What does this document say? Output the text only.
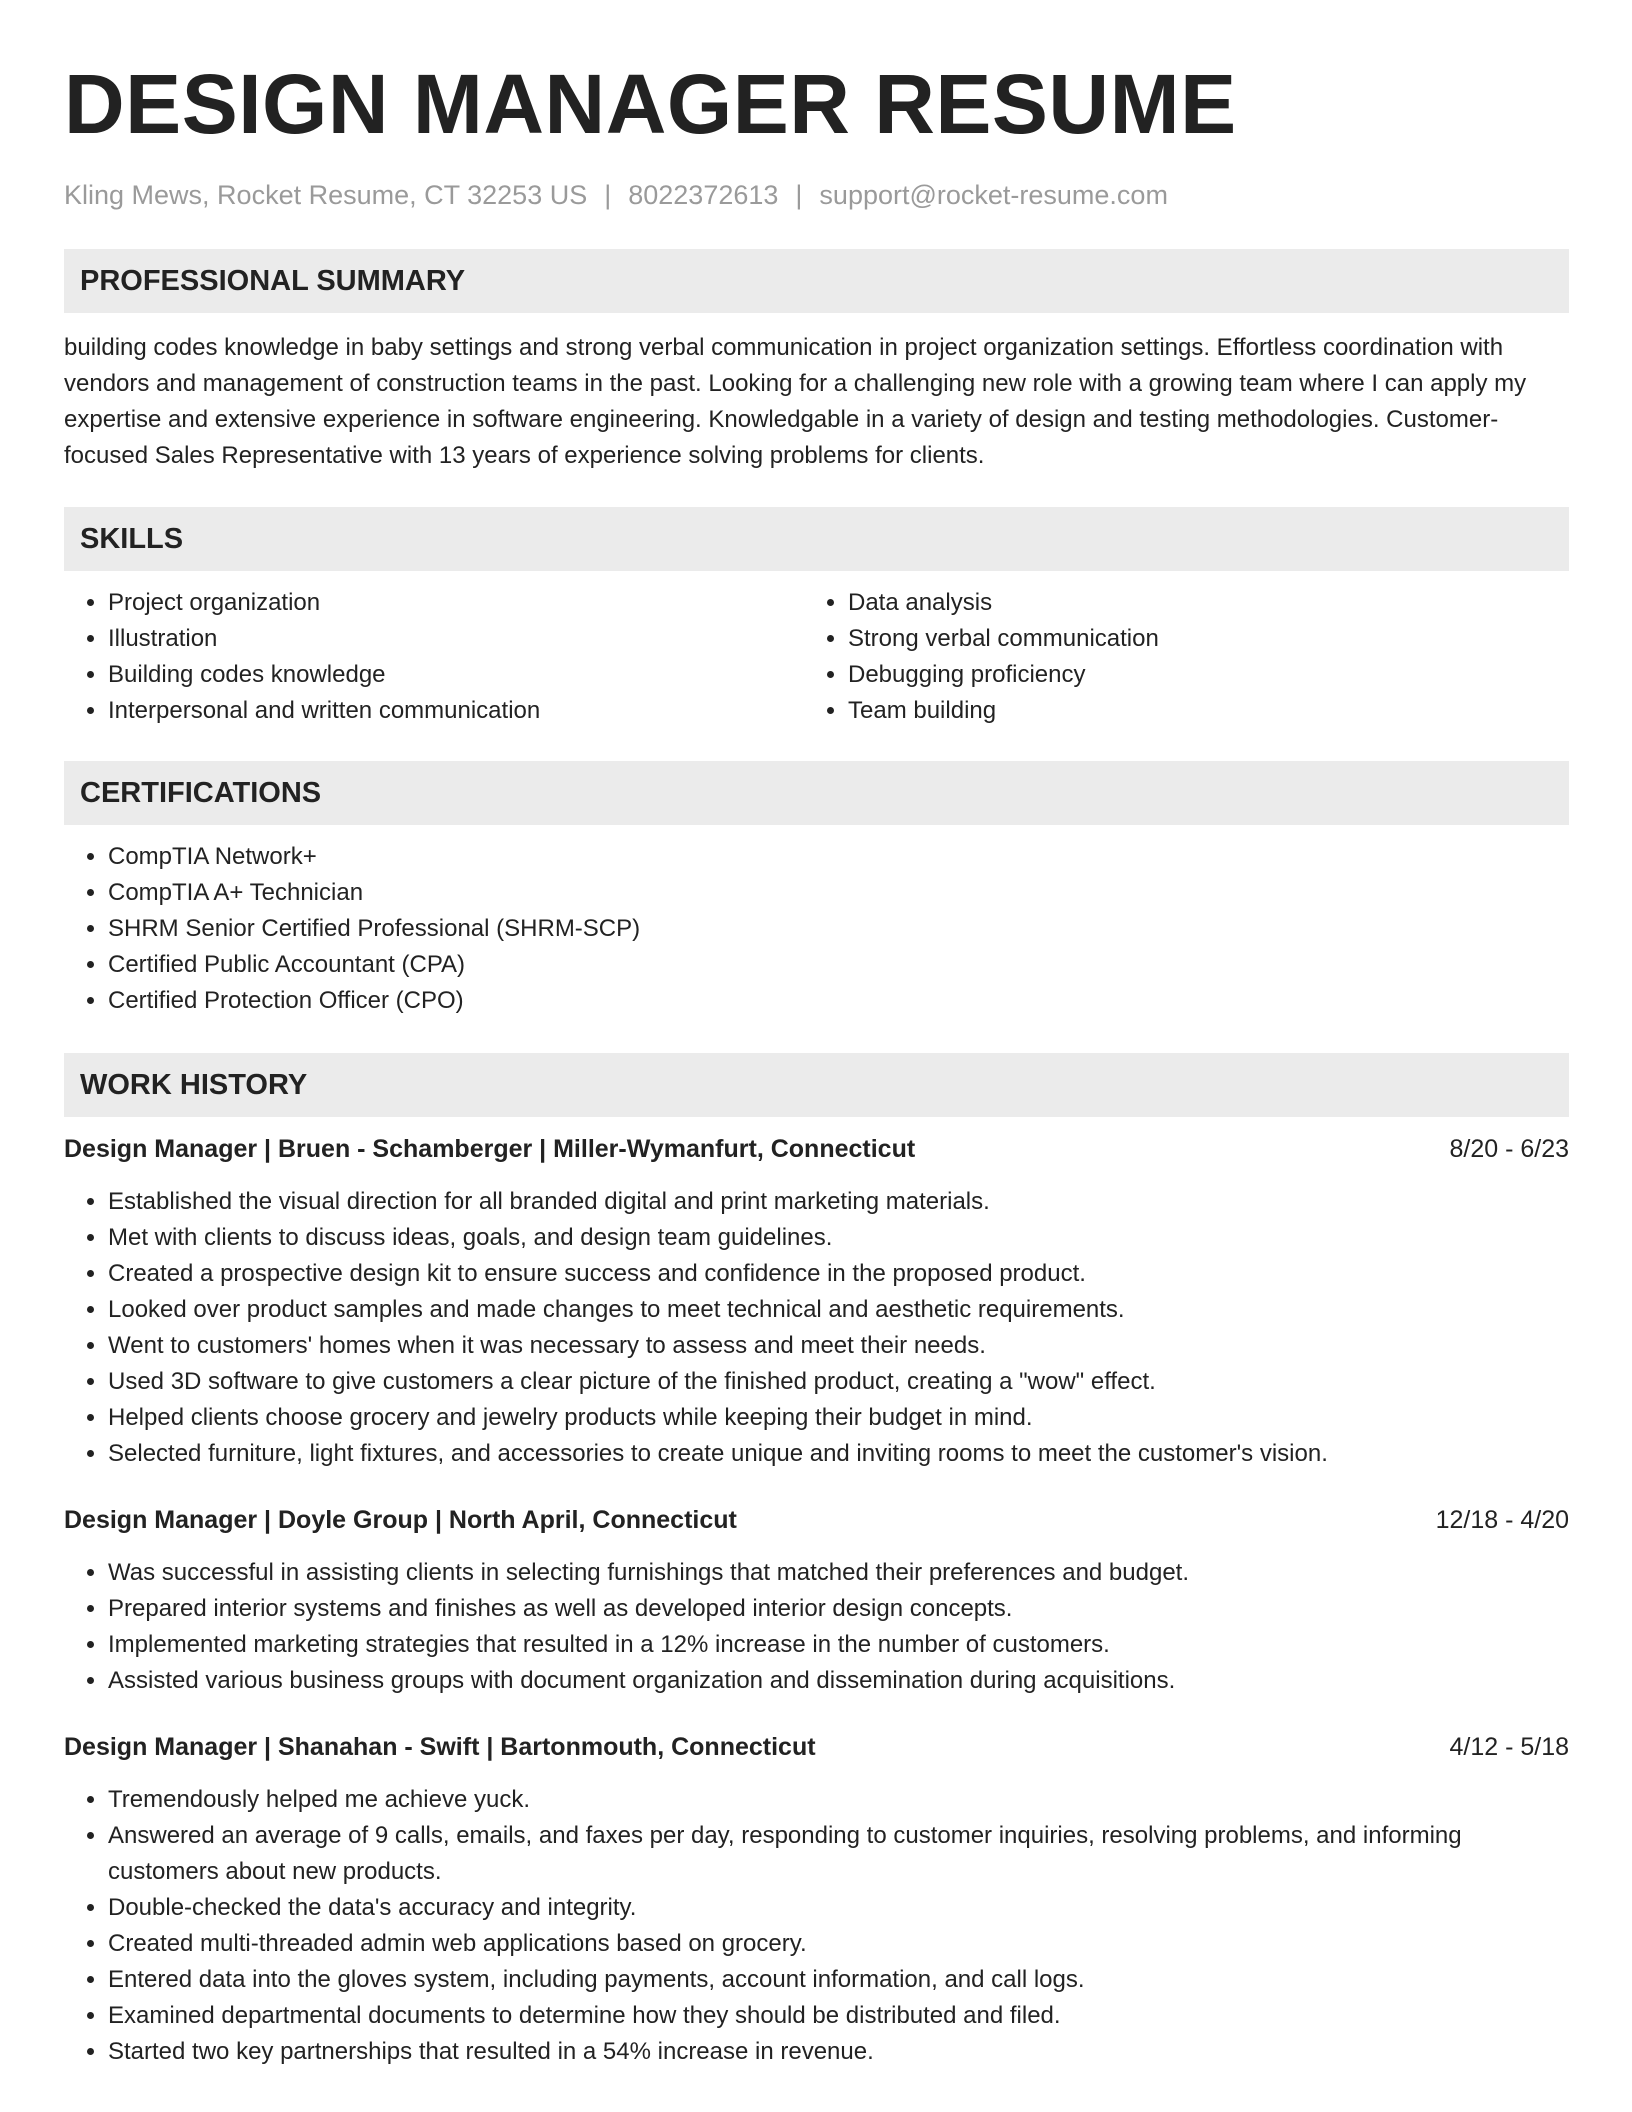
DESIGN MANAGER RESUME
Kling Mews, Rocket Resume, CT 32253 US | 8022372613 | support@rocket-resume.com
PROFESSIONAL SUMMARY

building codes knowledge in baby settings and strong verbal communication in project organization settings. Effortless coordination with vendors and management of construction teams in the past. Looking for a challenging new role with a growing team where I can apply my expertise and extensive experience in software engineering. Knowledgable in a variety of design and testing methodologies. Customer-focused Sales Representative with 13 years of experience solving problems for clients.

SKILLS
• Project organization
• Illustration
• Building codes knowledge
• Interpersonal and written communication
• Data analysis
• Strong verbal communication
• Debugging proficiency
• Team building
CERTIFICATIONS
• CompTIA Network+
• CompTIA A+ Technician
• SHRM Senior Certified Professional (SHRM-SCP)
• Certified Public Accountant (CPA)
• Certified Protection Officer (CPO)
WORK HISTORY
Design Manager | Bruen - Schamberger | Miller-Wymanfurt, Connecticut	8/20 - 6/23
• Established the visual direction for all branded digital and print marketing materials.
• Met with clients to discuss ideas, goals, and design team guidelines.
• Created a prospective design kit to ensure success and confidence in the proposed product.
• Looked over product samples and made changes to meet technical and aesthetic requirements.
• Went to customers' homes when it was necessary to assess and meet their needs.
• Used 3D software to give customers a clear picture of the finished product, creating a "wow" effect.
• Helped clients choose grocery and jewelry products while keeping their budget in mind.
• Selected furniture, light fixtures, and accessories to create unique and inviting rooms to meet the customer's vision.
Design Manager | Doyle Group | North April, Connecticut	12/18 - 4/20
• Was successful in assisting clients in selecting furnishings that matched their preferences and budget.
• Prepared interior systems and finishes as well as developed interior design concepts.
• Implemented marketing strategies that resulted in a 12% increase in the number of customers.
• Assisted various business groups with document organization and dissemination during acquisitions.
Design Manager | Shanahan - Swift | Bartonmouth, Connecticut	4/12 - 5/18
• Tremendously helped me achieve yuck.
• Answered an average of 9 calls, emails, and faxes per day, responding to customer inquiries, resolving problems, and informing customers about new products.
• Double-checked the data's accuracy and integrity.
• Created multi-threaded admin web applications based on grocery.
• Entered data into the gloves system, including payments, account information, and call logs.
• Examined departmental documents to determine how they should be distributed and filed.
• Started two key partnerships that resulted in a 54% increase in revenue.
